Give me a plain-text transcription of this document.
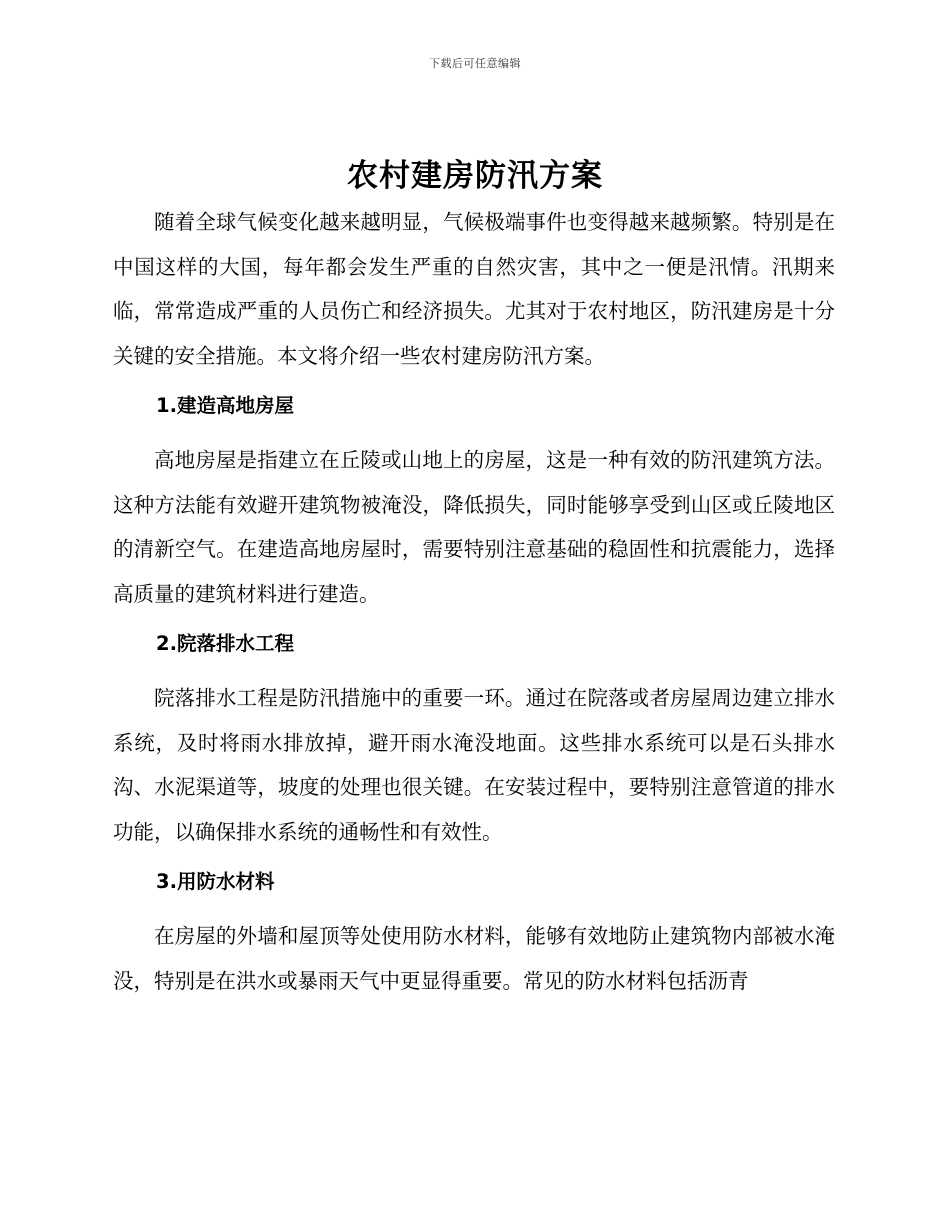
下载后可任意编辑
农村建房防汛方案

随着全球气候变化越来越明显，气候极端事件也变得越来越频繁。特别是在中国这样的大国，每年都会发生严重的自然灾害，其中之一便是汛情。汛期来临，常常造成严重的人员伤亡和经济损失。尤其对于农村地区，防汛建房是十分关键的安全措施。本文将介绍一些农村建房防汛方案。

1.建造高地房屋

高地房屋是指建立在丘陵或山地上的房屋，这是一种有效的防汛建筑方法。这种方法能有效避开建筑物被淹没，降低损失，同时能够享受到山区或丘陵地区的清新空气。在建造高地房屋时，需要特别注意基础的稳固性和抗震能力，选择高质量的建筑材料进行建造。

2.院落排水工程

院落排水工程是防汛措施中的重要一环。通过在院落或者房屋周边建立排水系统，及时将雨水排放掉，避开雨水淹没地面。这些排水系统可以是石头排水沟、水泥渠道等，坡度的处理也很关键。在安装过程中，要特别注意管道的排水功能，以确保排水系统的通畅性和有效性。

3.用防水材料

在房屋的外墙和屋顶等处使用防水材料，能够有效地防止建筑物内部被水淹没，特别是在洪水或暴雨天气中更显得重要。常见的防水材料包括沥青
